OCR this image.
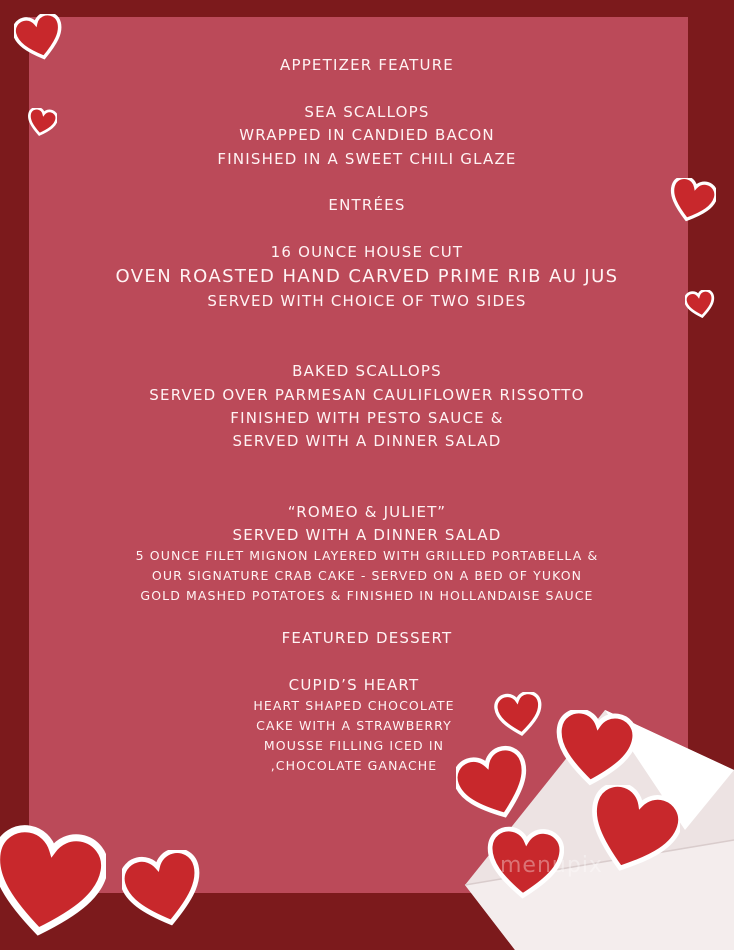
APPETIZER FEATURE
SEA SCALLOPS
WRAPPED IN CANDIED BACON
FINISHED IN A SWEET CHILI GLAZE
ENTRÉES
16 OUNCE HOUSE CUT
OVEN ROASTED HAND CARVED PRIME RIB AU JUS
SERVED WITH CHOICE OF TWO SIDES
BAKED SCALLOPS
SERVED OVER PARMESAN CAULIFLOWER RISSOTTO
FINISHED WITH PESTO SAUCE &
SERVED WITH A DINNER SALAD
“ROMEO & JULIET”
SERVED WITH A DINNER SALAD
5 OUNCE FILET MIGNON LAYERED WITH GRILLED PORTABELLA &
OUR SIGNATURE CRAB CAKE - SERVED ON A BED OF YUKON
GOLD MASHED POTATOES & FINISHED IN HOLLANDAISE SAUCE
FEATURED DESSERT
CUPID’S HEART
HEART SHAPED CHOCOLATE
CAKE WITH A STRAWBERRY
MOUSSE FILLING ICED IN
,CHOCOLATE GANACHE
menupix
